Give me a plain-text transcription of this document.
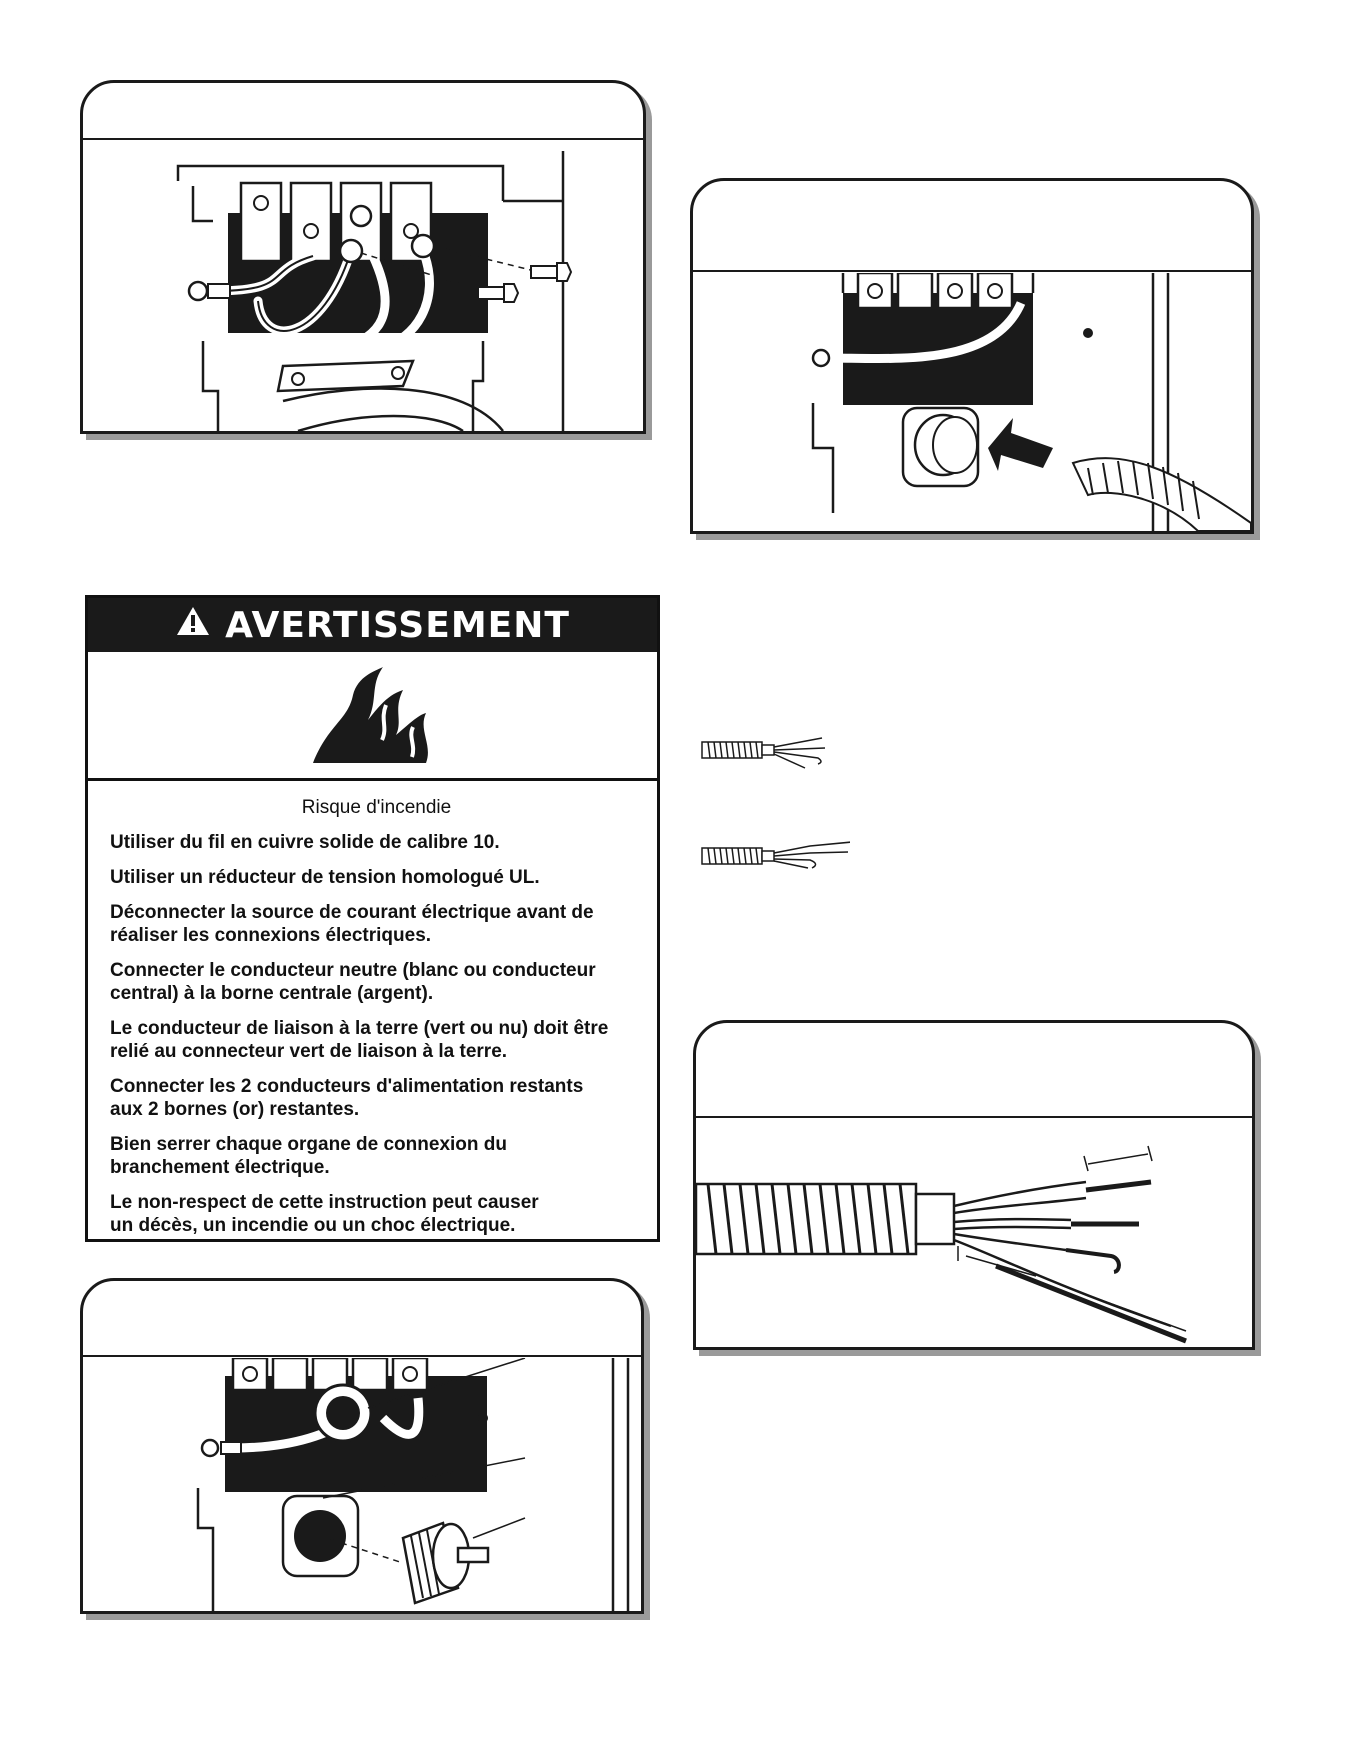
AVERTISSEMENT
Risque d'incendie
Utiliser du fil en cuivre solide de calibre 10.
Utiliser un réducteur de tension homologué UL.
Déconnecter la source de courant électrique avant de
réaliser les connexions électriques.
Connecter le conducteur neutre (blanc ou conducteur
central) à la borne centrale (argent).
Le conducteur de liaison à la terre (vert ou nu) doit être
relié au connecteur vert de liaison à la terre.
Connecter les 2 conducteurs d'alimentation restants
aux 2 bornes (or) restantes.
Bien serrer chaque organe de connexion du
branchement électrique.
Le non-respect de cette instruction peut causer
un décès, un incendie ou un choc électrique.
